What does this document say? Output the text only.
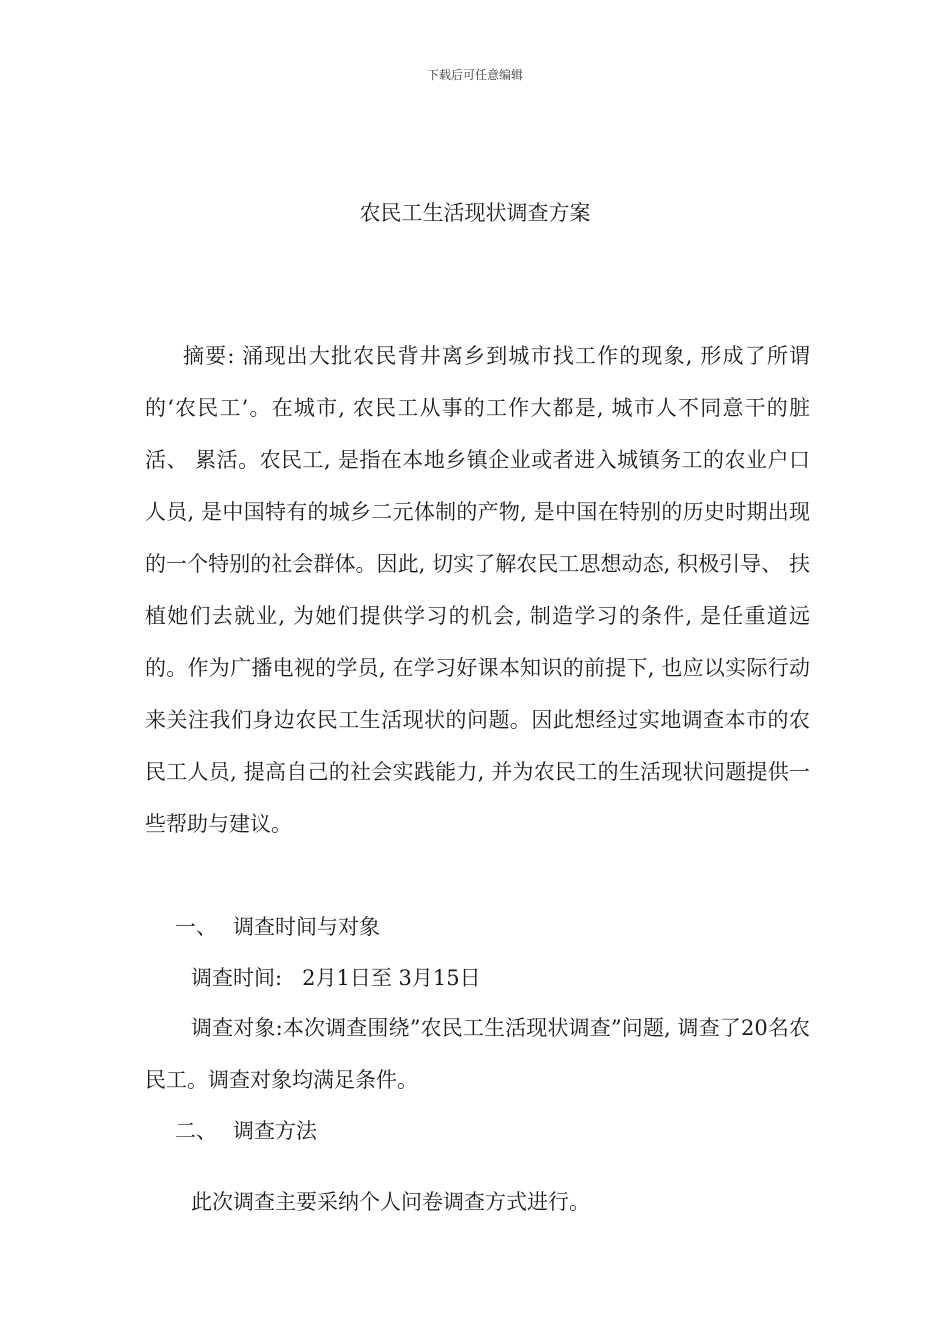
下载后可任意编辑
农民工生活现状调查方案
摘要: 涌现出大批农民背井离乡到城市找工作的现象, 形成了所谓的‘农民工’。在城市, 农民工从事的工作大都是, 城市人不同意干的脏活、 累活。农民工, 是指在本地乡镇企业或者进入城镇务工的农业户口人员, 是中国特有的城乡二元体制的产物, 是中国在特别的历史时期出现的一个特别的社会群体。因此, 切实了解农民工思想动态, 积极引导、 扶植她们去就业, 为她们提供学习的机会, 制造学习的条件, 是任重道远的。作为广播电视的学员, 在学习好课本知识的前提下, 也应以实际行动来关注我们身边农民工生活现状的问题。因此想经过实地调查本市的农民工人员, 提高自己的社会实践能力, 并为农民工的生活现状问题提供一些帮助与建议。
一、 调查时间与对象
调查时间: 2月1日至 3月15日
调查对象:本次调查围绕”农民工生活现状调查”问题, 调查了20名农民工。调查对象均满足条件。
二、 调查方法
此次调查主要采纳个人问卷调查方式进行。
